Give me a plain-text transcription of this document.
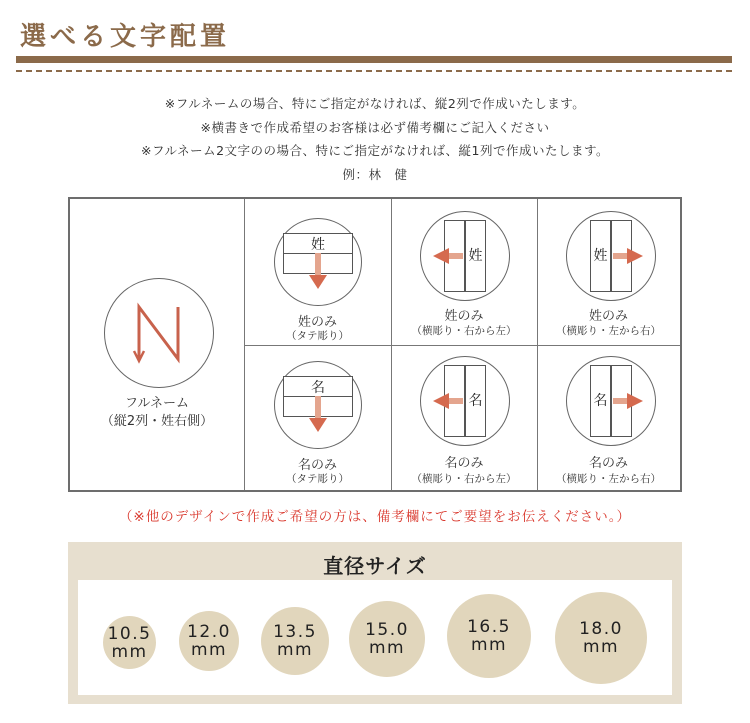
選べる文字配置
※フルネームの場合、特にご指定がなければ、縦2列で作成いたします。
※横書きで作成希望のお客様は必ず備考欄にご記入ください
※フルネーム2文字のの場合、特にご指定がなければ、縦1列で作成いたします。
例：林　健
フルネーム
（縦2列・姓右側）
姓
姓のみ
（タテ彫り）
姓
姓のみ
（横彫り・右から左）
姓
姓のみ
（横彫り・左から右）
名
名のみ
（タテ彫り）
名
名のみ
（横彫り・右から左）
名
名のみ
（横彫り・左から右）
（※他のデザインで作成ご希望の方は、備考欄にてご要望をお伝えください。）
直径サイズ
10.5
mm
12.0
mm
13.5
mm
15.0
mm
16.5
mm
18.0
mm
